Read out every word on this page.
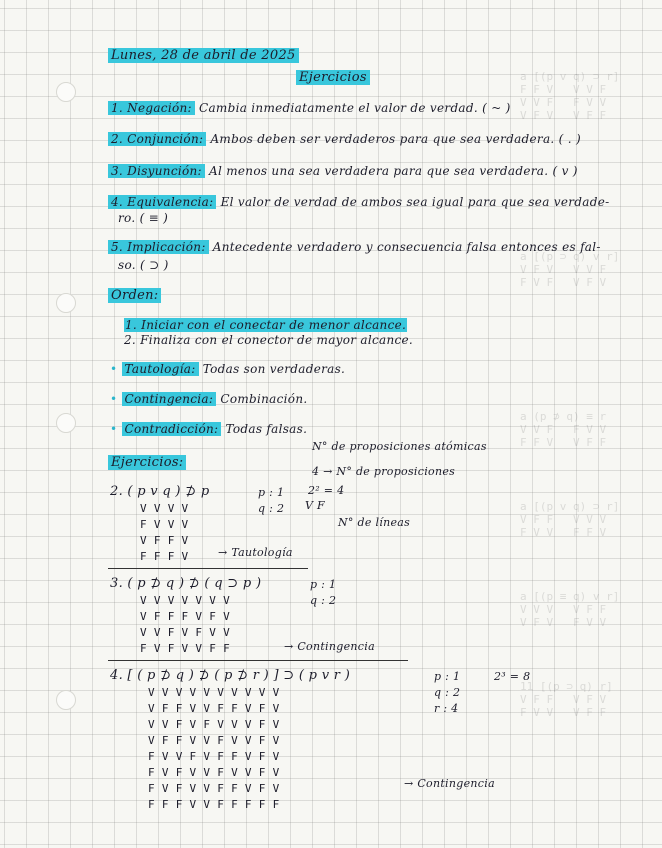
a [(p v q) ⊃ r]
F F V   V V F
V V F   F V V
V F V   V F F
a [(p ⊃ q) v r]
V F V   V V F
F V F   V F V
a (p ⊅ q) ≡ r
V V F   F V V
F F V   V F F
a [(p v q) ⊃ r]
V F F   V V V
F V V   F F V
a [(p ≡ q) v r]
V V V   V F F
V F V   F V V
11 [(p ⊃ q) r]
V F F   V F V
F V V   V F F
Lunes, 28 de abril de 2025
Ejercicios
1. Negación: Cambia inmediatamente el valor de verdad. ( ~ )
2. Conjunción: Ambos deben ser verdaderos para que sea verdadera. ( . )
3. Disyunción: Al menos una sea verdadera para que sea verdadera. ( v )
4. Equivalencia: El valor de verdad de ambos sea igual para que sea verdade-
ro. ( ≡ )
5. Implicación: Antecedente verdadero y consecuencia falsa entonces es fal-
so. ( ⊃ )
Orden:
1. Iniciar con el conectar de menor alcance.
2. Finaliza con el conector de mayor alcance.
• Tautología: Todas son verdaderas.
• Contingencia: Combinación.
• Contradicción: Todas falsas.
Ejercicios:
N° de proposiciones atómicas
4 → N° de proposiciones
2² = 4
V F
N° de líneas
2. ( p v q ) ⊅ p	p : 1
q : 2
V V V V
F V V V
V F F V
F F F V	→ Tautología
3. ( p ⊅ q ) ⊅ ( q ⊃ p )	p : 1
q : 2
V V V V V V V
V F F F V F V
V V F V F V V
F V F V V F F	→ Contingencia
4. [ ( p ⊅ q ) ⊅ ( p ⊅ r ) ] ⊃ ( p v r )	p : 1
q : 2
r : 4
2³ = 8
V V V V V V V V V V
V F F V V F F V F V
V V F V F V V V F V
V F F V V F V V F V
F V V F V F F V F V
F V F V V F V V F V
F V F V V F F V F V
F F F V V F F F F F
→ Contingencia
